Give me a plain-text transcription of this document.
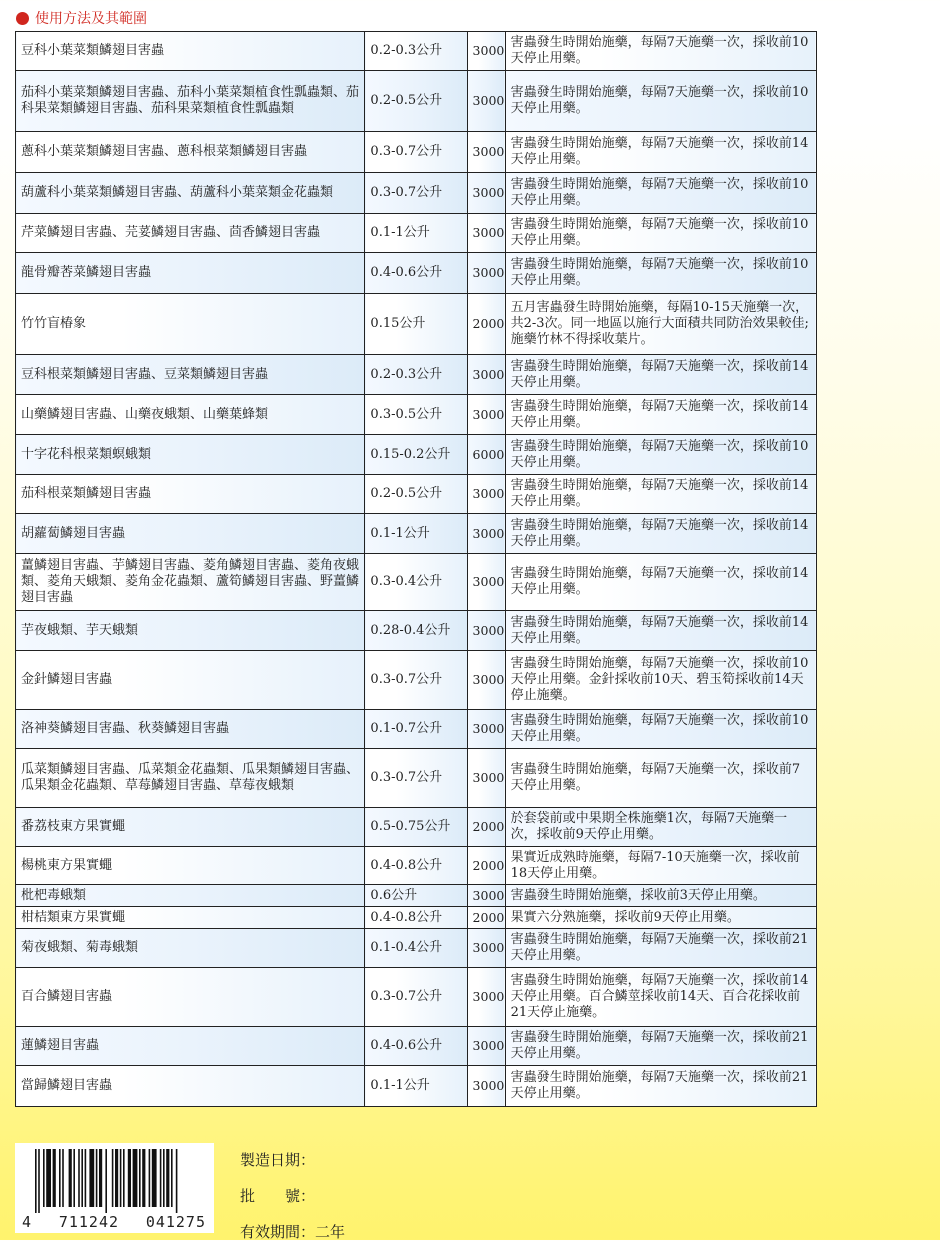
使用方法及其範圍
豆科小葉菜類鱗翅目害蟲	0.2-0.3公升	3000	害蟲發生時開始施藥，每隔7天施藥一次，採收前10天停止用藥。
茄科小葉菜類鱗翅目害蟲、茄科小葉菜類植食性瓢蟲類、茄科果菜類鱗翅目害蟲、茄科果菜類植食性瓢蟲類	0.2-0.5公升	3000	害蟲發生時開始施藥，每隔7天施藥一次，採收前10天停止用藥。
蔥科小葉菜類鱗翅目害蟲、蔥科根菜類鱗翅目害蟲	0.3-0.7公升	3000	害蟲發生時開始施藥，每隔7天施藥一次，採收前14天停止用藥。
葫蘆科小葉菜類鱗翅目害蟲、葫蘆科小葉菜類金花蟲類	0.3-0.7公升	3000	害蟲發生時開始施藥，每隔7天施藥一次，採收前10天停止用藥。
芹菜鱗翅目害蟲、芫荽鱗翅目害蟲、茴香鱗翅目害蟲	0.1-1公升	3000	害蟲發生時開始施藥，每隔7天施藥一次，採收前10天停止用藥。
龍骨瓣莕菜鱗翅目害蟲	0.4-0.6公升	3000	害蟲發生時開始施藥，每隔7天施藥一次，採收前10天停止用藥。
竹竹盲椿象	0.15公升	2000	五月害蟲發生時開始施藥，每隔10-15天施藥一次，共2-3次。同一地區以施行大面積共同防治效果較佳;施藥竹林不得採收葉片。
豆科根菜類鱗翅目害蟲、豆菜類鱗翅目害蟲	0.2-0.3公升	3000	害蟲發生時開始施藥，每隔7天施藥一次，採收前14天停止用藥。
山藥鱗翅目害蟲、山藥夜蛾類、山藥葉蜂類	0.3-0.5公升	3000	害蟲發生時開始施藥，每隔7天施藥一次，採收前14天停止用藥。
十字花科根菜類螟蛾類	0.15-0.2公升	6000	害蟲發生時開始施藥，每隔7天施藥一次，採收前10天停止用藥。
茄科根菜類鱗翅目害蟲	0.2-0.5公升	3000	害蟲發生時開始施藥，每隔7天施藥一次，採收前14天停止用藥。
胡蘿蔔鱗翅目害蟲	0.1-1公升	3000	害蟲發生時開始施藥，每隔7天施藥一次，採收前14天停止用藥。
薑鱗翅目害蟲、芋鱗翅目害蟲、菱角鱗翅目害蟲、菱角夜蛾類、菱角天蛾類、菱角金花蟲類、蘆筍鱗翅目害蟲、野薑鱗翅目害蟲	0.3-0.4公升	3000	害蟲發生時開始施藥，每隔7天施藥一次，採收前14天停止用藥。
芋夜蛾類、芋天蛾類	0.28-0.4公升	3000	害蟲發生時開始施藥，每隔7天施藥一次，採收前14天停止用藥。
金針鱗翅目害蟲	0.3-0.7公升	3000	害蟲發生時開始施藥，每隔7天施藥一次，採收前10天停止用藥。金針採收前10天、碧玉筍採收前14天停止施藥。
洛神葵鱗翅目害蟲、秋葵鱗翅目害蟲	0.1-0.7公升	3000	害蟲發生時開始施藥，每隔7天施藥一次，採收前10天停止用藥。
瓜菜類鱗翅目害蟲、瓜菜類金花蟲類、瓜果類鱗翅目害蟲、瓜果類金花蟲類、草莓鱗翅目害蟲、草莓夜蛾類	0.3-0.7公升	3000	害蟲發生時開始施藥，每隔7天施藥一次，採收前7天停止用藥。
番荔枝東方果實蠅	0.5-0.75公升	2000	於套袋前或中果期全株施藥1次，每隔7天施藥一次，採收前9天停止用藥。
楊桃東方果實蠅	0.4-0.8公升	2000	果實近成熟時施藥，每隔7-10天施藥一次，採收前18天停止用藥。
枇杷毒蛾類	0.6公升	3000	害蟲發生時開始施藥，採收前3天停止用藥。
柑桔類東方果實蠅	0.4-0.8公升	2000	果實六分熟施藥，採收前9天停止用藥。
菊夜蛾類、菊毒蛾類	0.1-0.4公升	3000	害蟲發生時開始施藥，每隔7天施藥一次，採收前21天停止用藥。
百合鱗翅目害蟲	0.3-0.7公升	3000	害蟲發生時開始施藥，每隔7天施藥一次，採收前14天停止用藥。百合鱗莖採收前14天、百合花採收前21天停止施藥。
蓮鱗翅目害蟲	0.4-0.6公升	3000	害蟲發生時開始施藥，每隔7天施藥一次，採收前21天停止用藥。
當歸鱗翅目害蟲	0.1-1公升	3000	害蟲發生時開始施藥，每隔7天施藥一次，採收前21天停止用藥。
4 711242 041275
製造日期：
批　　號：
有效期間：二年
